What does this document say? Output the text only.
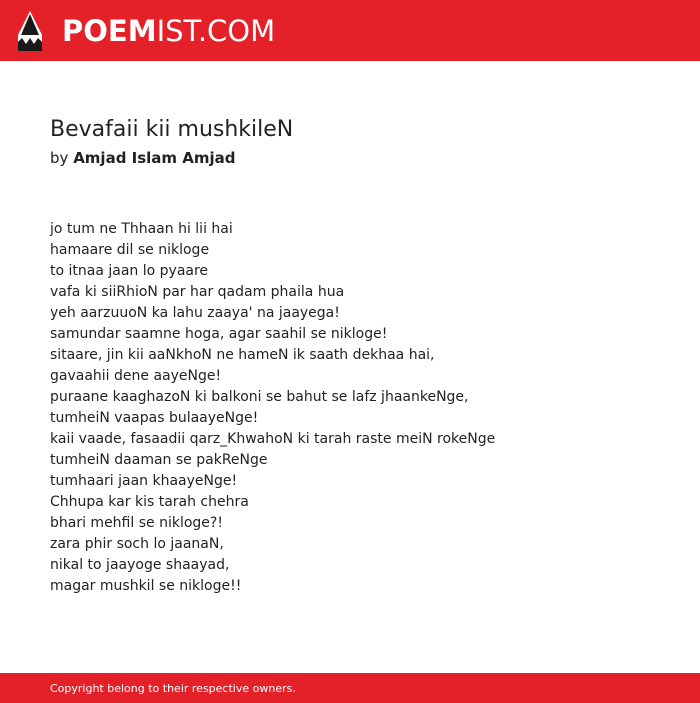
POEMIST.COM
Bevafaii kii mushkileN
by Amjad Islam Amjad
jo tum ne Thhaan hi lii hai
hamaare dil se nikloge
to itnaa jaan lo pyaare
vafa ki siiRhioN par har qadam phaila hua
yeh aarzuuoN ka lahu zaaya' na jaayega!
samundar saamne hoga, agar saahil se nikloge!
sitaare, jin kii aaNkhoN ne hameN ik saath dekhaa hai,
gavaahii dene aayeNge!
puraane kaaghazoN ki balkoni se bahut se lafz jhaankeNge,
tumheiN vaapas bulaayeNge!
kaii vaade, fasaadii qarz_KhwahoN ki tarah raste meiN rokeNge
tumheiN daaman se pakReNge
tumhaari jaan khaayeNge!
Chhupa kar kis tarah chehra
bhari mehfil se nikloge?!
zara phir soch lo jaanaN,
nikal to jaayoge shaayad,
magar mushkil se nikloge!!
Copyright belong to their respective owners.
